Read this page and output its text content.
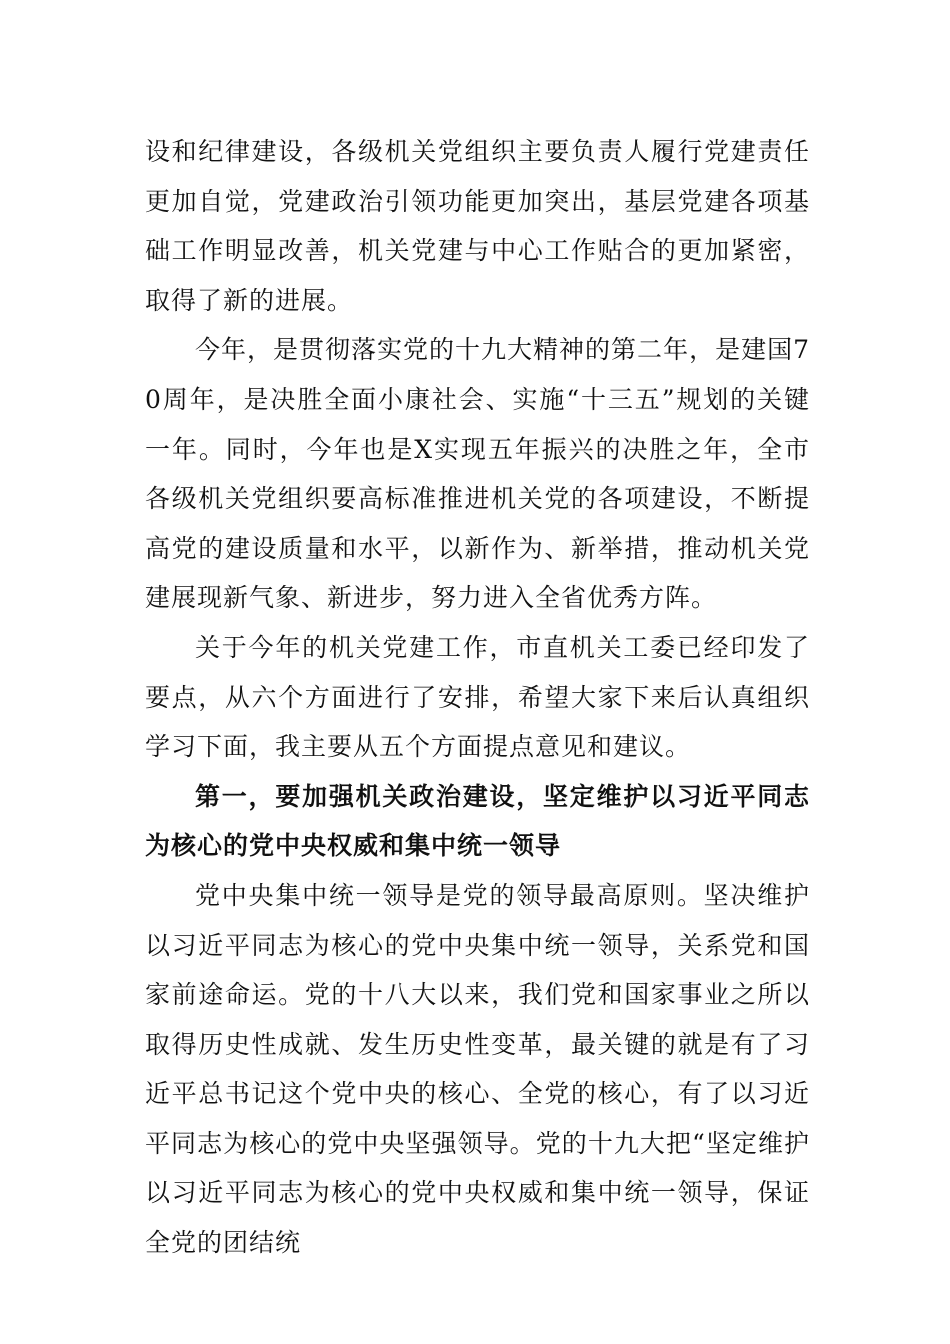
设和纪律建设，各级机关党组织主要负责人履行党建责任更加自觉，党建政治引领功能更加突出，基层党建各项基础工作明显改善，机关党建与中心工作贴合的更加紧密，取得了新的进展。

今年，是贯彻落实党的十九大精神的第二年，是建国70周年，是决胜全面小康社会、实施“十三五”规划的关键一年。同时，今年也是X实现五年振兴的决胜之年，全市各级机关党组织要高标准推进机关党的各项建设，不断提高党的建设质量和水平，以新作为、新举措，推动机关党建展现新气象、新进步，努力进入全省优秀方阵。

关于今年的机关党建工作，市直机关工委已经印发了要点，从六个方面进行了安排，希望大家下来后认真组织学习下面，我主要从五个方面提点意见和建议。

第一，要加强机关政治建设，坚定维护以习近平同志为核心的党中央权威和集中统一领导

党中央集中统一领导是党的领导最高原则。坚决维护以习近平同志为核心的党中央集中统一领导，关系党和国家前途命运。党的十八大以来，我们党和国家事业之所以取得历史性成就、发生历史性变革，最关键的就是有了习近平总书记这个党中央的核心、全党的核心，有了以习近平同志为核心的党中央坚强领导。党的十九大把“坚定维护以习近平同志为核心的党中央权威和集中统一领导，保证全党的团结统
